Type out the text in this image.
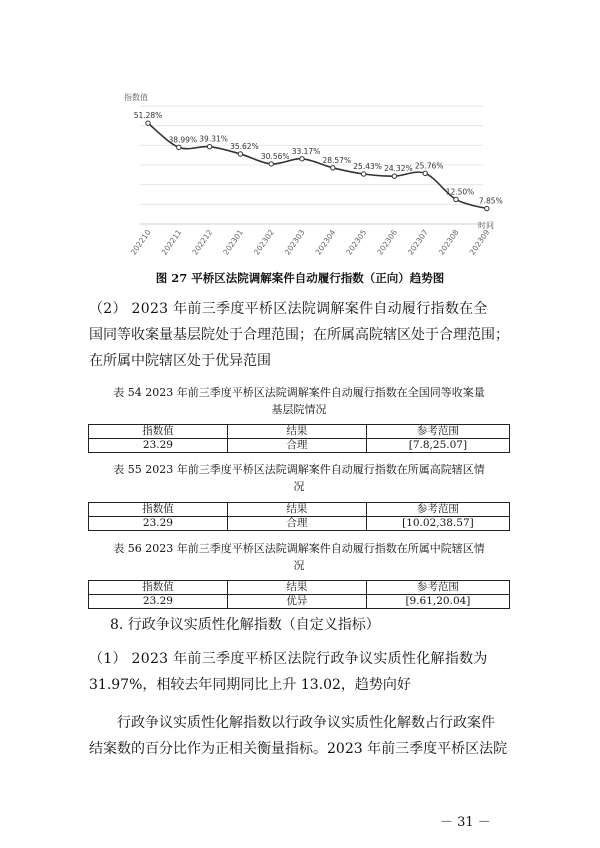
指数值
时间
51.28%
38.99% 39.31%
35.62%
30.56%
33.17%
28.57%
25.43% 24.32% 25.76%
12.50%
7.85%
202210 202211 202212 202301 202302 202303 202304 202305 202306 202307 202308 202309
图 27 平桥区法院调解案件自动履行指数（正向）趋势图
（2） 2023 年前三季度平桥区法院调解案件自动履行指数在全
国同等收案量基层院处于合理范围；在所属高院辖区处于合理范围；
在所属中院辖区处于优异范围
表 54 2023 年前三季度平桥区法院调解案件自动履行指数在全国同等收案量
基层院情况
指数值	结果	参考范围
23.29	合理	[7.8,25.07]
表 55 2023 年前三季度平桥区法院调解案件自动履行指数在所属高院辖区情
况
指数值	结果	参考范围
23.29	合理	[10.02,38.57]
表 56 2023 年前三季度平桥区法院调解案件自动履行指数在所属中院辖区情
况
指数值	结果	参考范围
23.29	优异	[9.61,20.04]
8. 行政争议实质性化解指数（自定义指标）
（1） 2023 年前三季度平桥区法院行政争议实质性化解指数为
31.97%，相较去年同期同比上升 13.02，趋势向好
行政争议实质性化解指数以行政争议实质性化解数占行政案件
结案数的百分比作为正相关衡量指标。2023 年前三季度平桥区法院
－ 31 －
